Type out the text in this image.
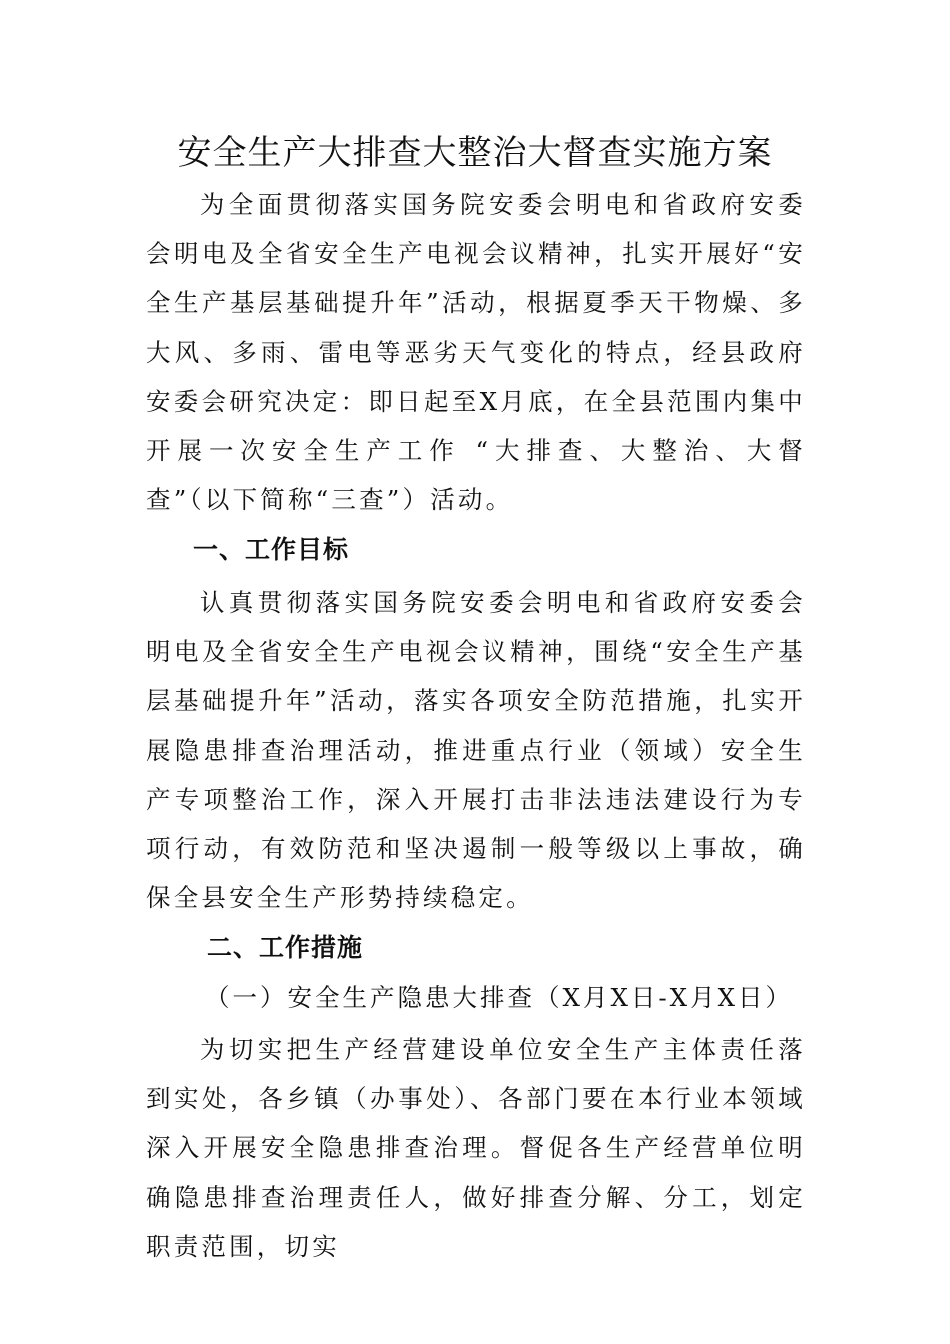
安全生产大排查大整治大督查实施方案
为全面贯彻落实国务院安委会明电和省政府安委会明电及全省安全生产电视会议精神，扎实开展好“安全生产基层基础提升年”活动，根据夏季天干物燥、多大风、多雨、雷电等恶劣天气变化的特点，经县政府安委会研究决定：即日起至X月底，在全县范围内集中开展一次安全生产工作 “大排查、大整治、大督查”（以下简称“三查”）活动。
一、工作目标
认真贯彻落实国务院安委会明电和省政府安委会明电及全省安全生产电视会议精神，围绕“安全生产基层基础提升年”活动，落实各项安全防范措施，扎实开展隐患排查治理活动，推进重点行业（领域）安全生产专项整治工作，深入开展打击非法违法建设行为专项行动，有效防范和坚决遏制一般等级以上事故，确保全县安全生产形势持续稳定。
二、工作措施
（一）安全生产隐患大排查（X月X日-X月X日）
为切实把生产经营建设单位安全生产主体责任落到实处，各乡镇（办事处）、各部门要在本行业本领域深入开展安全隐患排查治理。督促各生产经营单位明确隐患排查治理责任人，做好排查分解、分工，划定职责范围，切实
